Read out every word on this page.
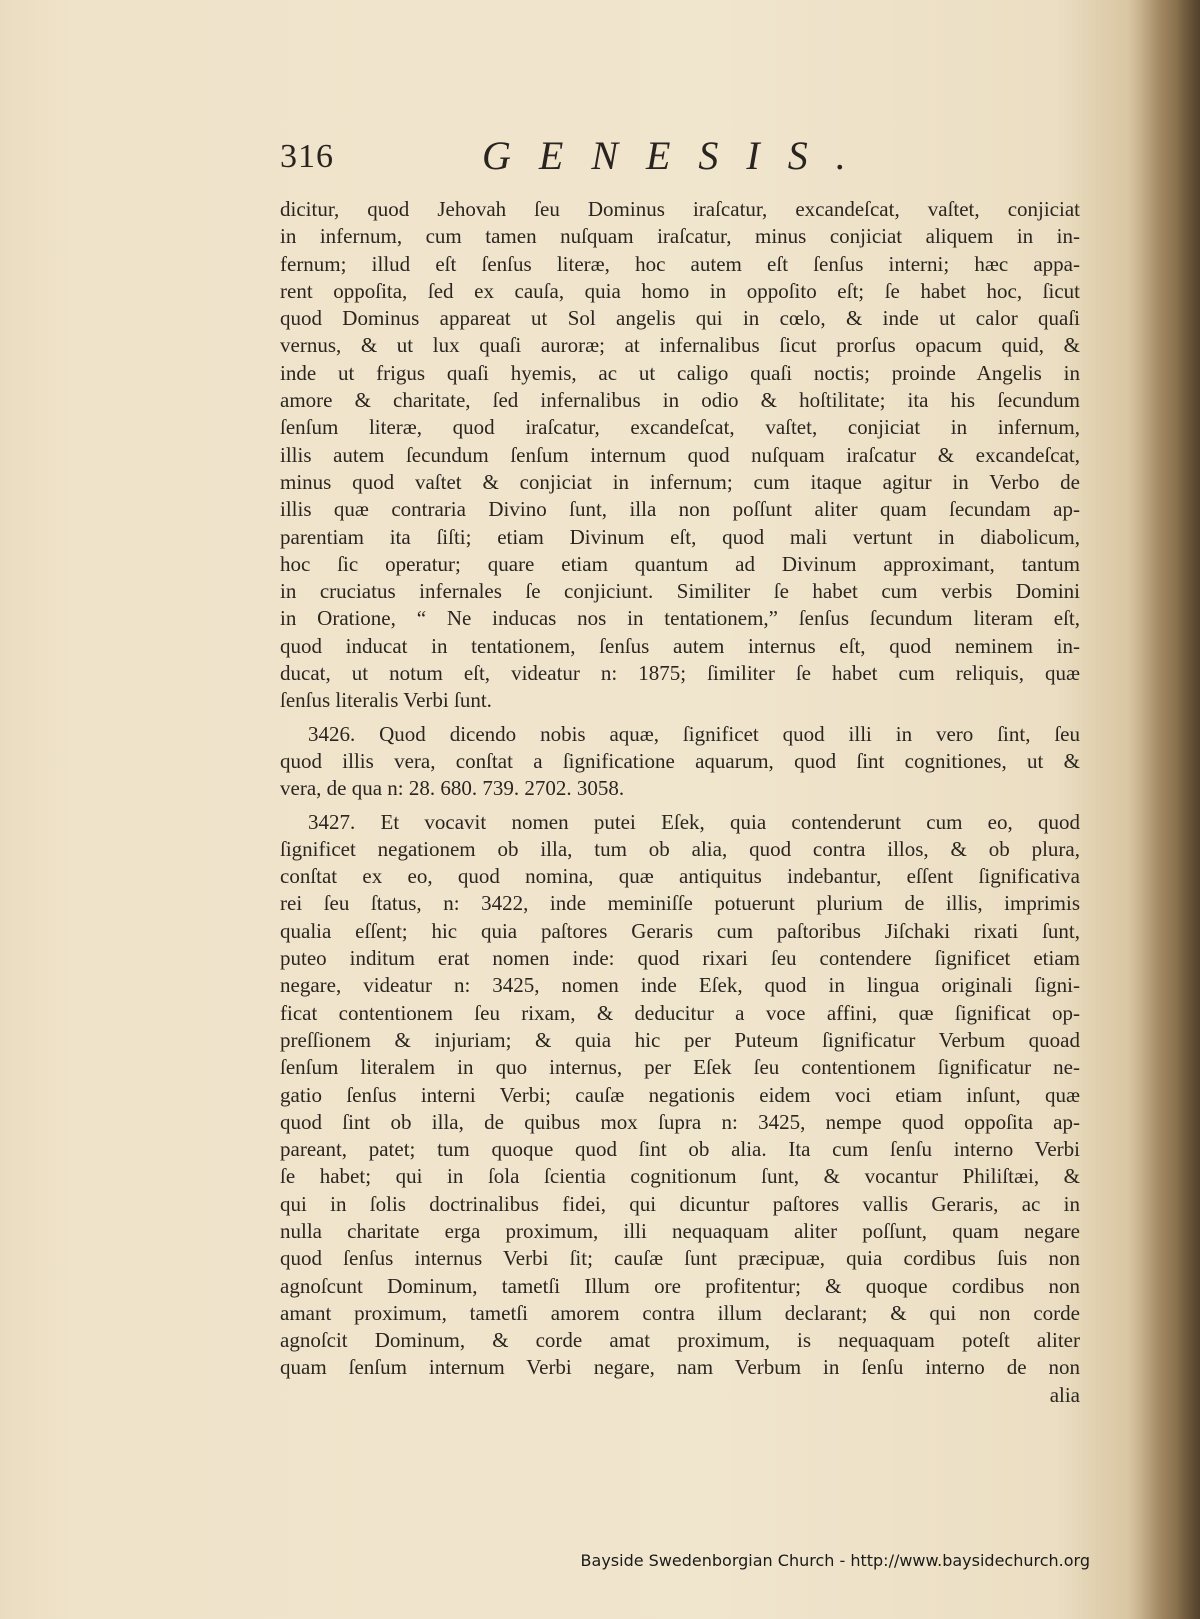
316	GENESIS.

dicitur, quod Jehovah ſeu Dominus iraſcatur, excandeſcat, vaſtet, conjiciat

in infernum, cum tamen nuſquam iraſcatur, minus conjiciat aliquem in in-

fernum; illud eſt ſenſus literæ, hoc autem eſt ſenſus interni; hæc appa-

rent oppoſita, ſed ex cauſa, quia homo in oppoſito eſt; ſe habet hoc, ſicut

quod Dominus appareat ut Sol angelis qui in cœlo, & inde ut calor quaſi

vernus, & ut lux quaſi auroræ; at infernalibus ſicut prorſus opacum quid, &

inde ut frigus quaſi hyemis, ac ut caligo quaſi noctis; proinde Angelis in

amore & charitate, ſed infernalibus in odio & hoſtilitate; ita his ſecundum

ſenſum literæ, quod iraſcatur, excandeſcat, vaſtet, conjiciat in infernum,

illis autem ſecundum ſenſum internum quod nuſquam iraſcatur & excandeſcat,

minus quod vaſtet & conjiciat in infernum; cum itaque agitur in Verbo de

illis quæ contraria Divino ſunt, illa non poſſunt aliter quam ſecundam ap-

parentiam ita ſiſti; etiam Divinum eſt, quod mali vertunt in diabolicum,

hoc ſic operatur; quare etiam quantum ad Divinum approximant, tantum

in cruciatus infernales ſe conjiciunt. Similiter ſe habet cum verbis Domini

in Oratione, “ Ne inducas nos in tentationem,” ſenſus ſecundum literam eſt,

quod inducat in tentationem, ſenſus autem internus eſt, quod neminem in-

ducat, ut notum eſt, videatur n: 1875; ſimiliter ſe habet cum reliquis, quæ

ſenſus literalis Verbi ſunt.

3426. Quod dicendo nobis aquæ, ſignificet quod illi in vero ſint, ſeu

quod illis vera, conſtat a ſignificatione aquarum, quod ſint cognitiones, ut &

vera, de qua n: 28. 680. 739. 2702. 3058.

3427. Et vocavit nomen putei Eſek, quia contenderunt cum eo, quod

ſignificet negationem ob illa, tum ob alia, quod contra illos, & ob plura,

conſtat ex eo, quod nomina, quæ antiquitus indebantur, eſſent ſignificativa

rei ſeu ſtatus, n: 3422, inde meminiſſe potuerunt plurium de illis, imprimis

qualia eſſent; hic quia paſtores Geraris cum paſtoribus Jiſchaki rixati ſunt,

puteo inditum erat nomen inde: quod rixari ſeu contendere ſignificet etiam

negare, videatur n: 3425, nomen inde Eſek, quod in lingua originali ſigni-

ficat contentionem ſeu rixam, & deducitur a voce affini, quæ ſignificat op-

preſſionem & injuriam; & quia hic per Puteum ſignificatur Verbum quoad

ſenſum literalem in quo internus, per Eſek ſeu contentionem ſignificatur ne-

gatio ſenſus interni Verbi; cauſæ negationis eidem voci etiam inſunt, quæ

quod ſint ob illa, de quibus mox ſupra n: 3425, nempe quod oppoſita ap-

pareant, patet; tum quoque quod ſint ob alia. Ita cum ſenſu interno Verbi

ſe habet; qui in ſola ſcientia cognitionum ſunt, & vocantur Philiſtæi, &

qui in ſolis doctrinalibus fidei, qui dicuntur paſtores vallis Geraris, ac in

nulla charitate erga proximum, illi nequaquam aliter poſſunt, quam negare

quod ſenſus internus Verbi ſit; cauſæ ſunt præcipuæ, quia cordibus ſuis non

agnoſcunt Dominum, tametſi Illum ore profitentur; & quoque cordibus non

amant proximum, tametſi amorem contra illum declarant; & qui non corde

agnoſcit Dominum, & corde amat proximum, is nequaquam poteſt aliter

quam ſenſum internum Verbi negare, nam Verbum in ſenſu interno de non

alia

Bayside Swedenborgian Church - http://www.baysidechurch.org
